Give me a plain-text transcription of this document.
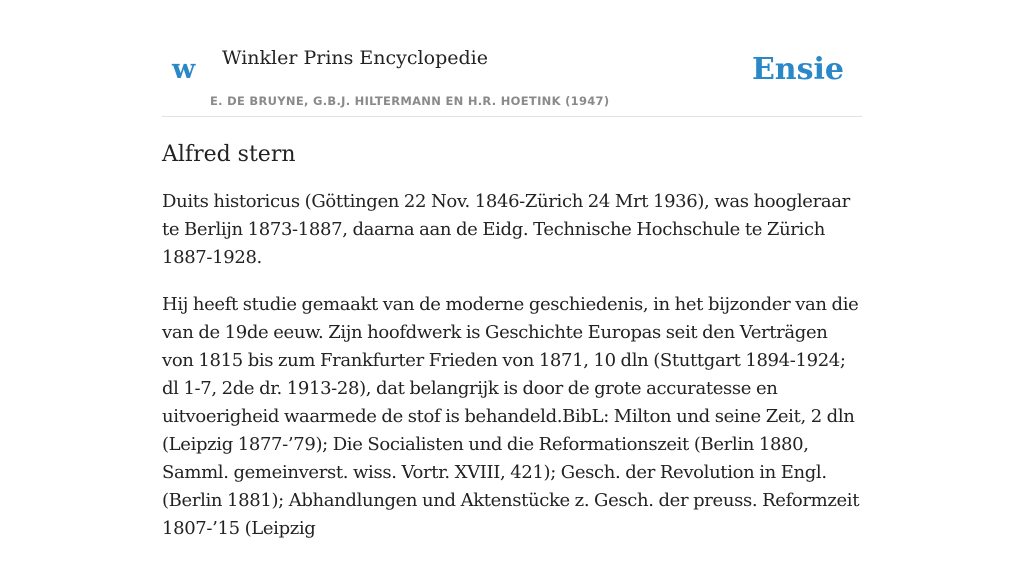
w Winkler Prins Encyclopedie
E. DE BRUYNE, G.B.J. HILTERMANN EN H.R. HOETINK (1947)
Ensie
Alfred stern

Duits historicus (Göttingen 22 Nov. 1846-Zürich 24 Mrt 1936), was hoogleraar te Berlijn 1873-1887, daarna aan de Eidg. Technische Hochschule te Zürich 1887-1928.

Hij heeft studie gemaakt van de moderne geschiedenis, in het bijzonder van die van de 19de eeuw. Zijn hoofdwerk is Geschichte Europas seit den Verträgen von 1815 bis zum Frankfurter Frieden von 1871, 10 dln (Stuttgart 1894-1924; dl 1-7, 2de dr. 1913-28), dat belangrijk is door de grote accuratesse en uitvoerigheid waarmede de stof is behandeld.BibL: Milton und seine Zeit, 2 dln (Leipzig 1877-’79); Die Socialisten und die Reformationszeit (Berlin 1880, Samml. gemeinverst. wiss. Vortr. XVIII, 421); Gesch. der Revolution in Engl. (Berlin 1881); Abhandlungen und Aktenstücke z. Gesch. der preuss. Reformzeit 1807-’15 (Leipzig
